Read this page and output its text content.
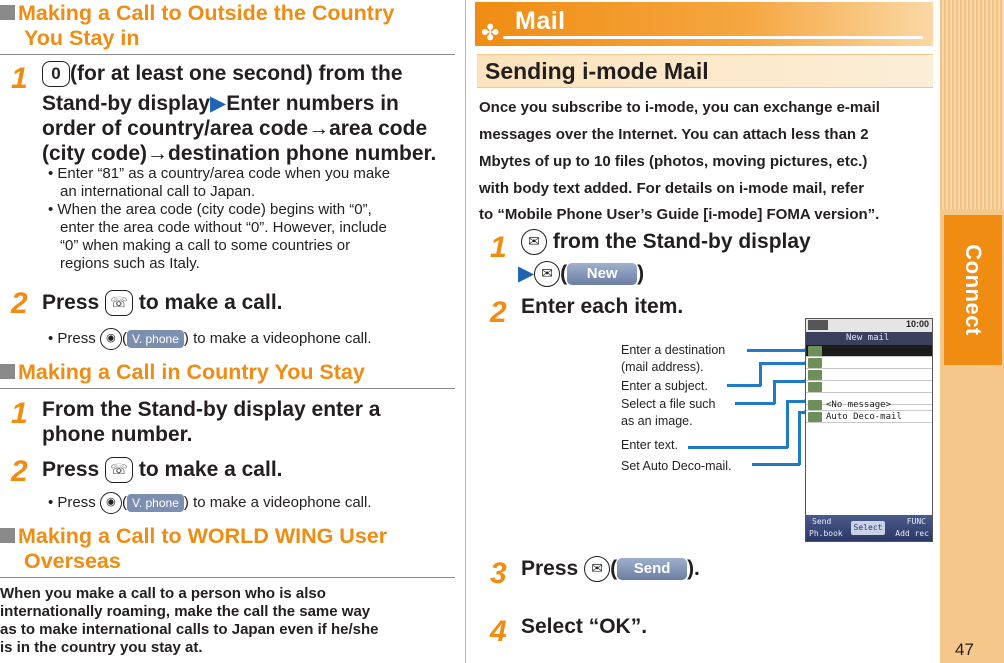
Connect
47
Making a Call to Outside the Country
You Stay in
1	0 (for at least one second) from the
Stand-by display▶Enter numbers in
order of country/area code→area code
(city code)→destination phone number.
• Enter “81” as a country/area code when you make
an international call to Japan.
• When the area code (city code) begins with “0”,
enter the area code without “0”. However, include
“0” when making a call to some countries or
regions such as Italy.
2 Press ☏ to make a call.
• Press ◉ ( V. phone ) to make a videophone call.
Making a Call in Country You Stay
1 From the Stand-by display enter a
phone number.
2 Press ☏ to make a call.
• Press ◉ ( V. phone ) to make a videophone call.
Making a Call to WORLD WING User
Overseas
When you make a call to a person who is also
internationally roaming, make the call the same way
as to make international calls to Japan even if he/she
is in the country you stay at.
✤ Mail
Sending i-mode Mail
Once you subscribe to i-mode, you can exchange e-mail
messages over the Internet. You can attach less than 2
Mbytes of up to 10 files (photos, moving pictures, etc.)
with body text added. For details on i-mode mail, refer
to “Mobile Phone User’s Guide [i-mode] FOMA version”.
1	✉ from the Stand-by display
▶ ✉ ( New )
2 Enter each item.
Enter a destination
(mail address).
Enter a subject.
Select a file such
as an image.
Enter text.
Set Auto Deco-mail.
10:00
New mail
<No message>
Auto Deco-mail
Send
Ph.book
FUNC
Add rec
Select
3 Press ✉ ( Send ).
4 Select “OK”.
